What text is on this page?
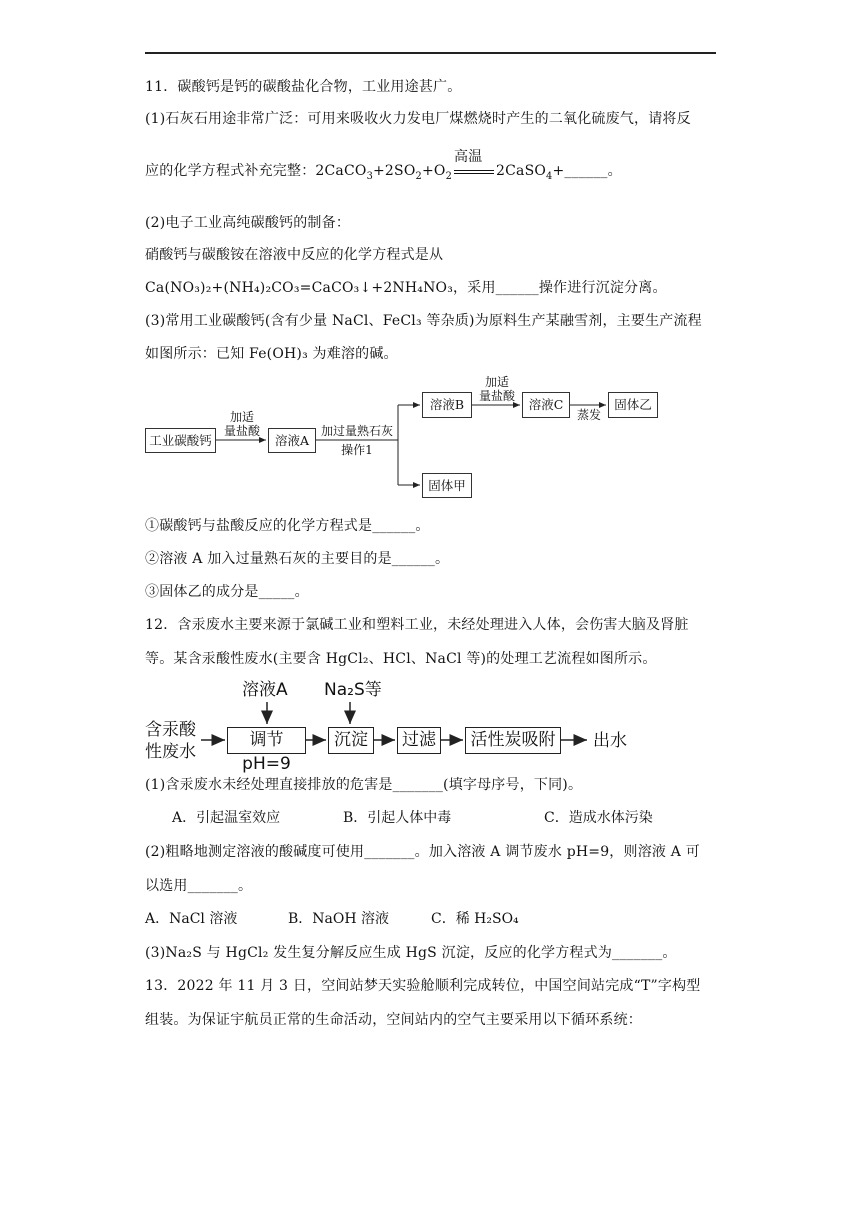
11．碳酸钙是钙的碳酸盐化合物，工业用途甚广。
(1)石灰石用途非常广泛：可用来吸收火力发电厂煤燃烧时产生的二氧化硫废气，请将反
应的化学方程式补充完整：$2CaCO_3+2SO_2+O_2$
高温
2CaSO$_4$+______。
(2)电子工业高纯碳酸钙的制备：
硝酸钙与碳酸铵在溶液中反应的化学方程式是从
Ca(NO₃)₂+(NH₄)₂CO₃=CaCO₃↓+2NH₄NO₃，采用______操作进行沉淀分离。
(3)常用工业碳酸钙(含有少量 NaCl、FeCl₃ 等杂质)为原料生产某融雪剂，主要生产流程
如图所示：已知 Fe(OH)₃ 为难溶的碱。
工业碳酸钙
加适
量盐酸
溶液A
加过量熟石灰
操作1
溶液B
加适
量盐酸
溶液C
蒸发
固体乙
固体甲
①碳酸钙与盐酸反应的化学方程式是______。
②溶液 A 加入过量熟石灰的主要目的是______。
③固体乙的成分是_____。
12．含汞废水主要来源于氯碱工业和塑料工业，未经处理进入人体，会伤害大脑及肾脏
等。某含汞酸性废水(主要含 HgCl₂、HCl、NaCl 等)的处理工艺流程如图所示。
含汞酸
性废水
溶液A Na₂S等
调节pH=9
沉淀	过滤	活性炭吸附	出水
(1)含汞废水未经处理直接排放的危害是_______(填字母序号，下同)。
A．引起温室效应	B．引起人体中毒	C．造成水体污染
(2)粗略地测定溶液的酸碱度可使用_______。加入溶液 A 调节废水 pH=9，则溶液 A 可
以选用_______。
A．NaCl 溶液	B．NaOH 溶液	C．稀 H₂SO₄
(3)Na₂S 与 HgCl₂ 发生复分解反应生成 HgS 沉淀，反应的化学方程式为_______。
13．2022 年 11 月 3 日，空间站梦天实验舱顺利完成转位，中国空间站完成“T”字构型
组装。为保证宇航员正常的生命活动，空间站内的空气主要采用以下循环系统：
